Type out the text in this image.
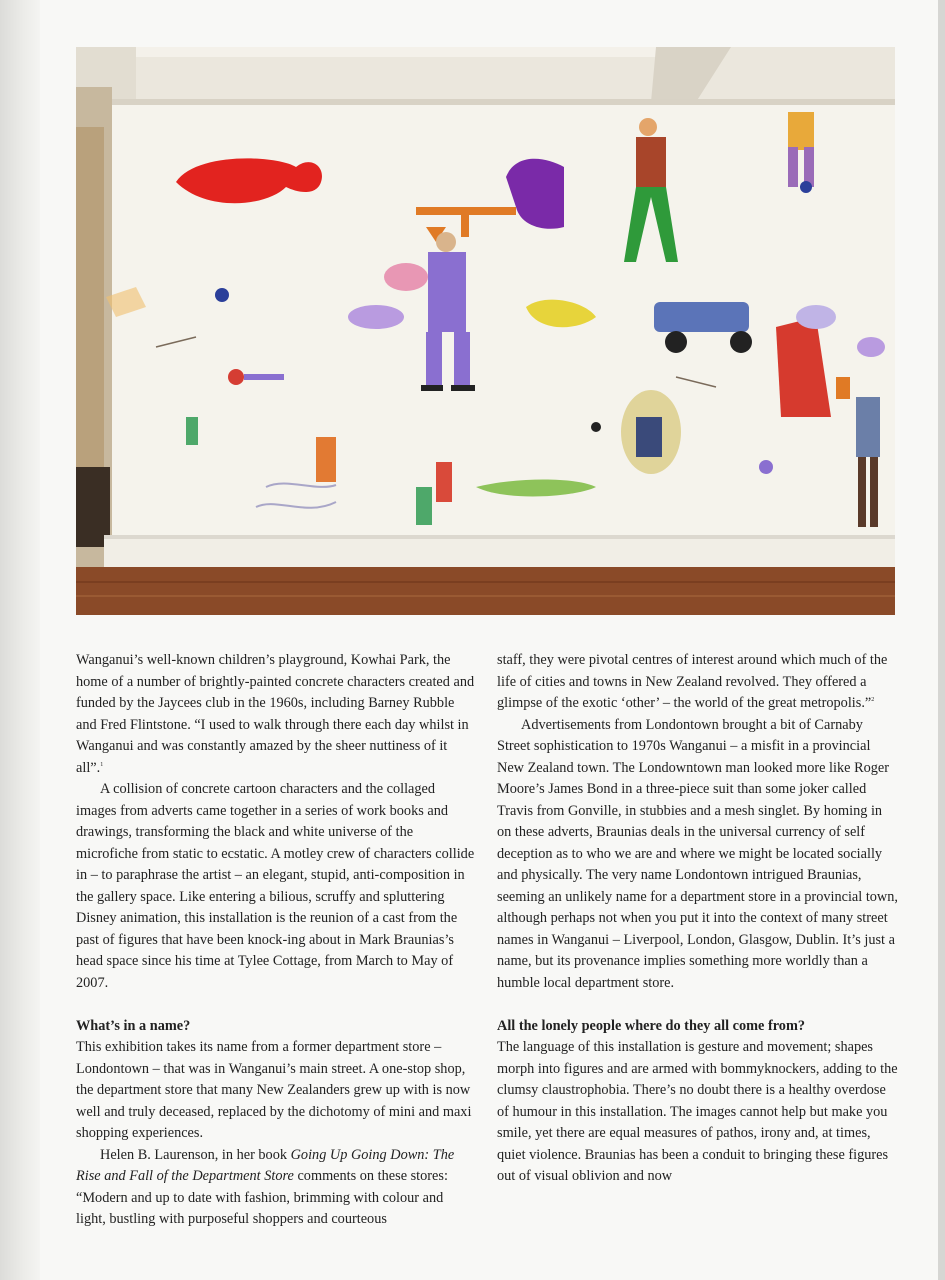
Wanganui’s well-known children’s playground, Kowhai Park, the home of a number of brightly-painted concrete characters created and funded by the Jaycees club in the 1960s, including Barney Rubble and Fred Flintstone. “I used to walk through there each day whilst in Wanganui and was constantly amazed by the sheer nuttiness of it all”.$^1$

A collision of concrete cartoon characters and the collaged images from adverts came together in a series of work books and drawings, transforming the black and white universe of the microfiche from static to ecstatic. A motley crew of characters collide in – to paraphrase the artist – an elegant, stupid, anti-composition in the gallery space. Like entering a bilious, scruffy and spluttering Disney animation, this installation is the reunion of a cast from the past of figures that have been knock-ing about in Mark Braunias’s head space since his time at Tylee Cottage, from March to May of 2007.

What’s in a name?

This exhibition takes its name from a former department store – Londontown – that was in Wanganui’s main street. A one-stop shop, the department store that many New Zealanders grew up with is now well and truly deceased, replaced by the dichotomy of mini and maxi shopping experiences.

Helen B. Laurenson, in her book Going Up Going Down: The Rise and Fall of the Department Store comments on these stores: “Modern and up to date with fashion, brimming with colour and light, bustling with purposeful shoppers and courteous

staff, they were pivotal centres of interest around which much of the life of cities and towns in New Zealand revolved. They offered a glimpse of the exotic ‘other’ – the world of the great metropolis.”$^2$

Advertisements from Londontown brought a bit of Carnaby Street sophistication to 1970s Wanganui – a misfit in a provincial New Zealand town. The Londowntown man looked more like Roger Moore’s James Bond in a three-piece suit than some joker called Travis from Gonville, in stubbies and a mesh singlet. By homing in on these adverts, Braunias deals in the universal currency of self deception as to who we are and where we might be located socially and physically. The very name Londontown intrigued Braunias, seeming an unlikely name for a department store in a provincial town, although perhaps not when you put it into the context of many street names in Wanganui – Liverpool, London, Glasgow, Dublin. It’s just a name, but its provenance implies something more worldly than a humble local department store.

All the lonely people where do they all come from?

The language of this installation is gesture and movement; shapes morph into figures and are armed with bommyknockers, adding to the clumsy claustrophobia. There’s no doubt there is a healthy overdose of humour in this installation. The images cannot help but make you smile, yet there are equal measures of pathos, irony and, at times, quiet violence. Braunias has been a conduit to bringing these figures out of visual oblivion and now
